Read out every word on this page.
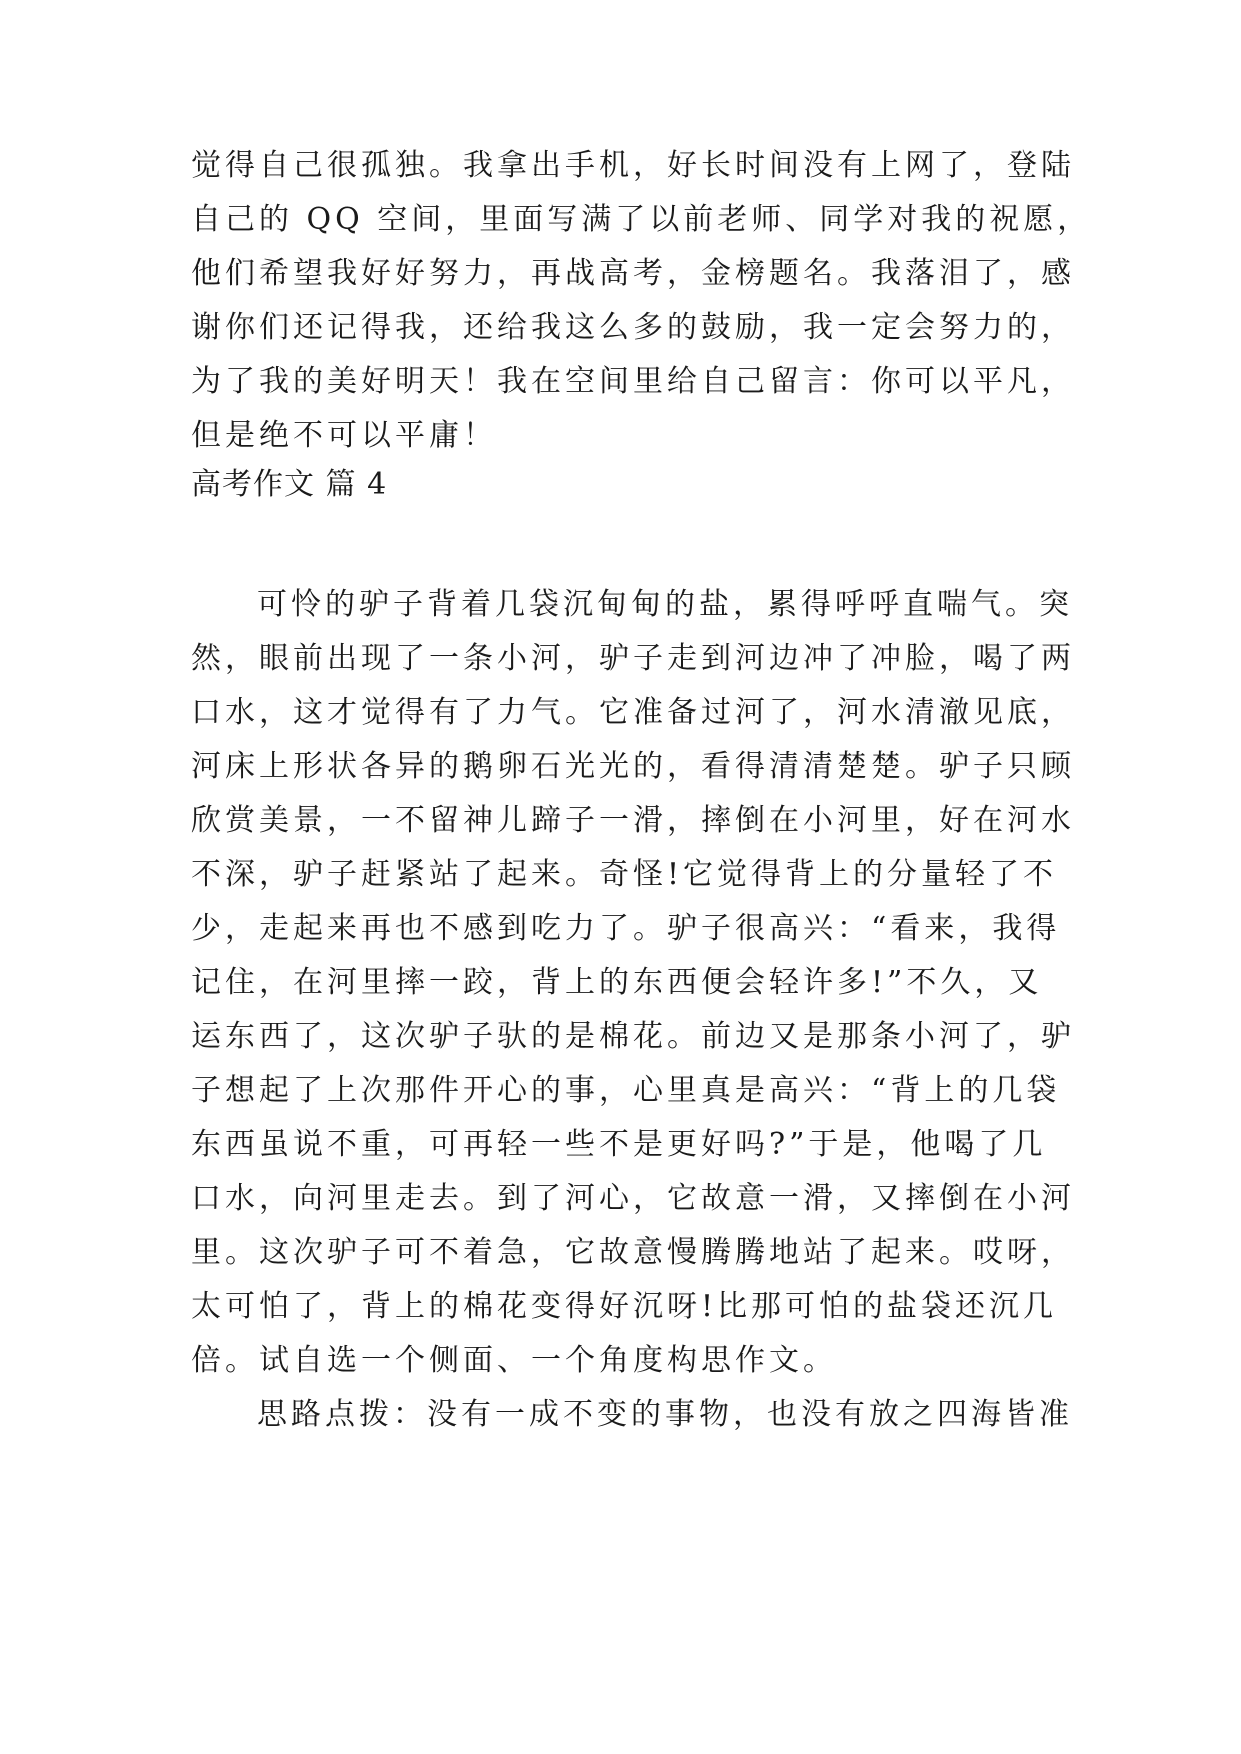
觉得自己很孤独。我拿出手机，好长时间没有上网了，登陆
自己的 QQ 空间，里面写满了以前老师、同学对我的祝愿，
他们希望我好好努力，再战高考，金榜题名。我落泪了，感
谢你们还记得我，还给我这么多的鼓励，我一定会努力的，
为了我的美好明天！我在空间里给自己留言：你可以平凡，
但是绝不可以平庸！
高考作文 篇 4
可怜的驴子背着几袋沉甸甸的盐，累得呼呼直喘气。突
然，眼前出现了一条小河，驴子走到河边冲了冲脸，喝了两
口水，这才觉得有了力气。它准备过河了，河水清澈见底，
河床上形状各异的鹅卵石光光的，看得清清楚楚。驴子只顾
欣赏美景，一不留神儿蹄子一滑，摔倒在小河里，好在河水
不深，驴子赶紧站了起来。奇怪!它觉得背上的分量轻了不
少，走起来再也不感到吃力了。驴子很高兴：“看来，我得
记住，在河里摔一跤，背上的东西便会轻许多!”不久，又
运东西了，这次驴子驮的是棉花。前边又是那条小河了，驴
子想起了上次那件开心的事，心里真是高兴：“背上的几袋
东西虽说不重，可再轻一些不是更好吗?”于是，他喝了几
口水，向河里走去。到了河心，它故意一滑，又摔倒在小河
里。这次驴子可不着急，它故意慢腾腾地站了起来。哎呀，
太可怕了，背上的棉花变得好沉呀!比那可怕的盐袋还沉几
倍。试自选一个侧面、一个角度构思作文。
思路点拨：没有一成不变的事物，也没有放之四海皆准
